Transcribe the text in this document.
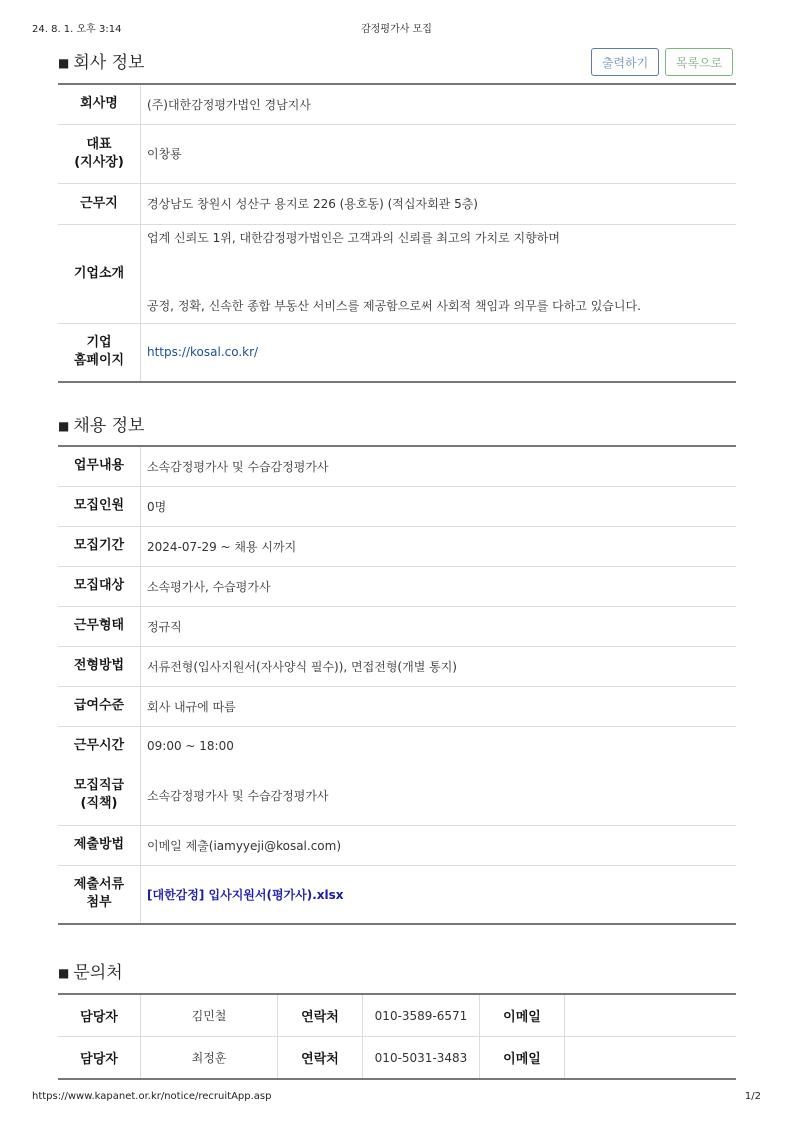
24. 8. 1. 오후 3:14	감정평가사 모집
■ 회사 정보	출력하기	목록으로
회사명	(주)대한감정평가법인 경남지사
대표
(지사장)	이창룡
근무지	경상남도 창원시 성산구 용지로 226 (용호동) (적십자회관 5층)
기업소개	업계 신뢰도 1위, 대한감정평가법인은 고객과의 신뢰를 최고의 가치로 지향하며
공정, 정확, 신속한 종합 부동산 서비스를 제공함으로써 사회적 책임과 의무를 다하고 있습니다.

기업
홈페이지	https://kosal.co.kr/
■ 채용 정보
업무내용	소속감정평가사 및 수습감정평가사
모집인원	0명
모집기간	2024-07-29 ~ 채용 시까지
모집대상	소속평가사, 수습평가사
근무형태	정규직
전형방법	서류전형(입사지원서(자사양식 필수)), 면접전형(개별 통지)
급여수준	회사 내규에 따름
근무시간	09:00 ~ 18:00
모집직급
(직책)	소속감정평가사 및 수습감정평가사
제출방법	이메일 제출(iamyyeji@kosal.com)
제출서류
첨부	[대한감정] 입사지원서(평가사).xlsx
■ 문의처
담당자	김민철	연락처	010-3589-6571	이메일	
담당자	최정훈	연락처	010-5031-3483	이메일	
https://www.kapanet.or.kr/notice/recruitApp.asp	1/2
